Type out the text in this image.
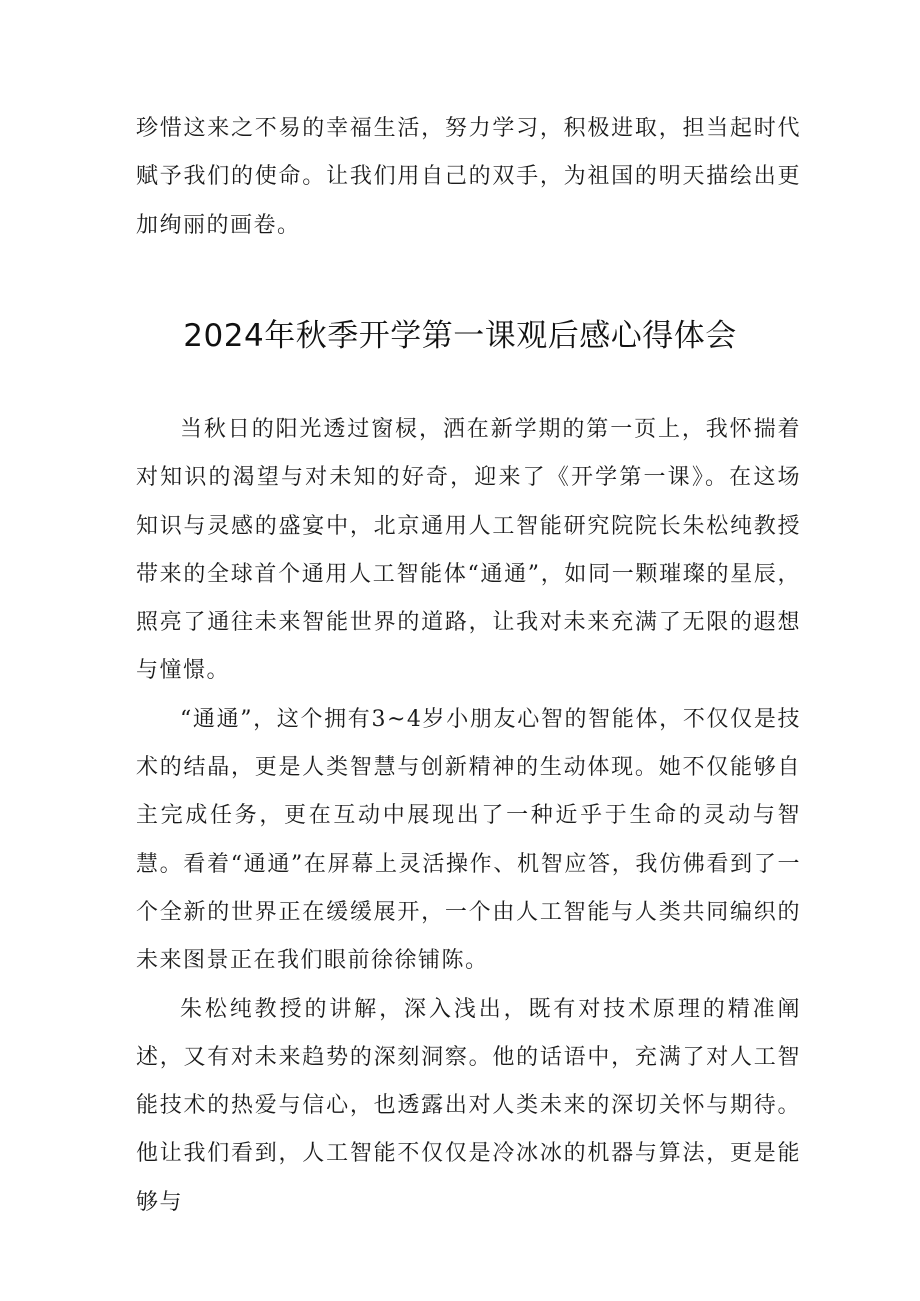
珍惜这来之不易的幸福生活，努力学习，积极进取，担当起时代赋予我们的使命。让我们用自己的双手，为祖国的明天描绘出更加绚丽的画卷。

2024年秋季开学第一课观后感心得体会

当秋日的阳光透过窗棂，洒在新学期的第一页上，我怀揣着对知识的渴望与对未知的好奇，迎来了《开学第一课》。在这场知识与灵感的盛宴中，北京通用人工智能研究院院长朱松纯教授带来的全球首个通用人工智能体“通通”，如同一颗璀璨的星辰，照亮了通往未来智能世界的道路，让我对未来充满了无限的遐想与憧憬。

“通通”，这个拥有3~4岁小朋友心智的智能体，不仅仅是技术的结晶，更是人类智慧与创新精神的生动体现。她不仅能够自主完成任务，更在互动中展现出了一种近乎于生命的灵动与智慧。看着“通通”在屏幕上灵活操作、机智应答，我仿佛看到了一个全新的世界正在缓缓展开，一个由人工智能与人类共同编织的未来图景正在我们眼前徐徐铺陈。

朱松纯教授的讲解，深入浅出，既有对技术原理的精准阐述，又有对未来趋势的深刻洞察。他的话语中，充满了对人工智能技术的热爱与信心，也透露出对人类未来的深切关怀与期待。他让我们看到，人工智能不仅仅是冷冰冰的机器与算法，更是能够与
